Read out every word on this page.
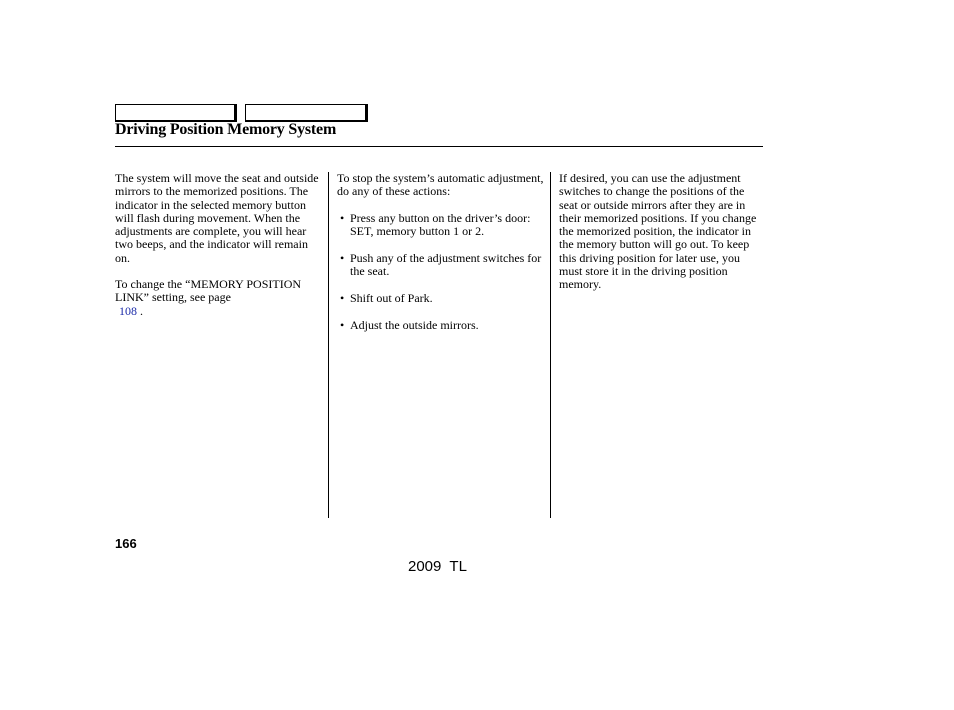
Driving Position Memory System

The system will move the seat and outside mirrors to the memorized positions. The indicator in the selected memory button will flash during movement. When the adjustments are complete, you will hear two beeps, and the indicator will remain on.

To change the “MEMORY POSITION LINK” setting, see page
108 .

To stop the system’s automatic adjustment, do any of these actions:

• Press any button on the driver’s door: SET, memory button 1 or 2.
• Push any of the adjustment switches for the seat.
• Shift out of Park.
• Adjust the outside mirrors.

If desired, you can use the adjustment switches to change the positions of the seat or outside mirrors after they are in their memorized positions. If you change the memorized position, the indicator in the memory button will go out. To keep this driving position for later use, you must store it in the driving position memory.

166
2009  TL
